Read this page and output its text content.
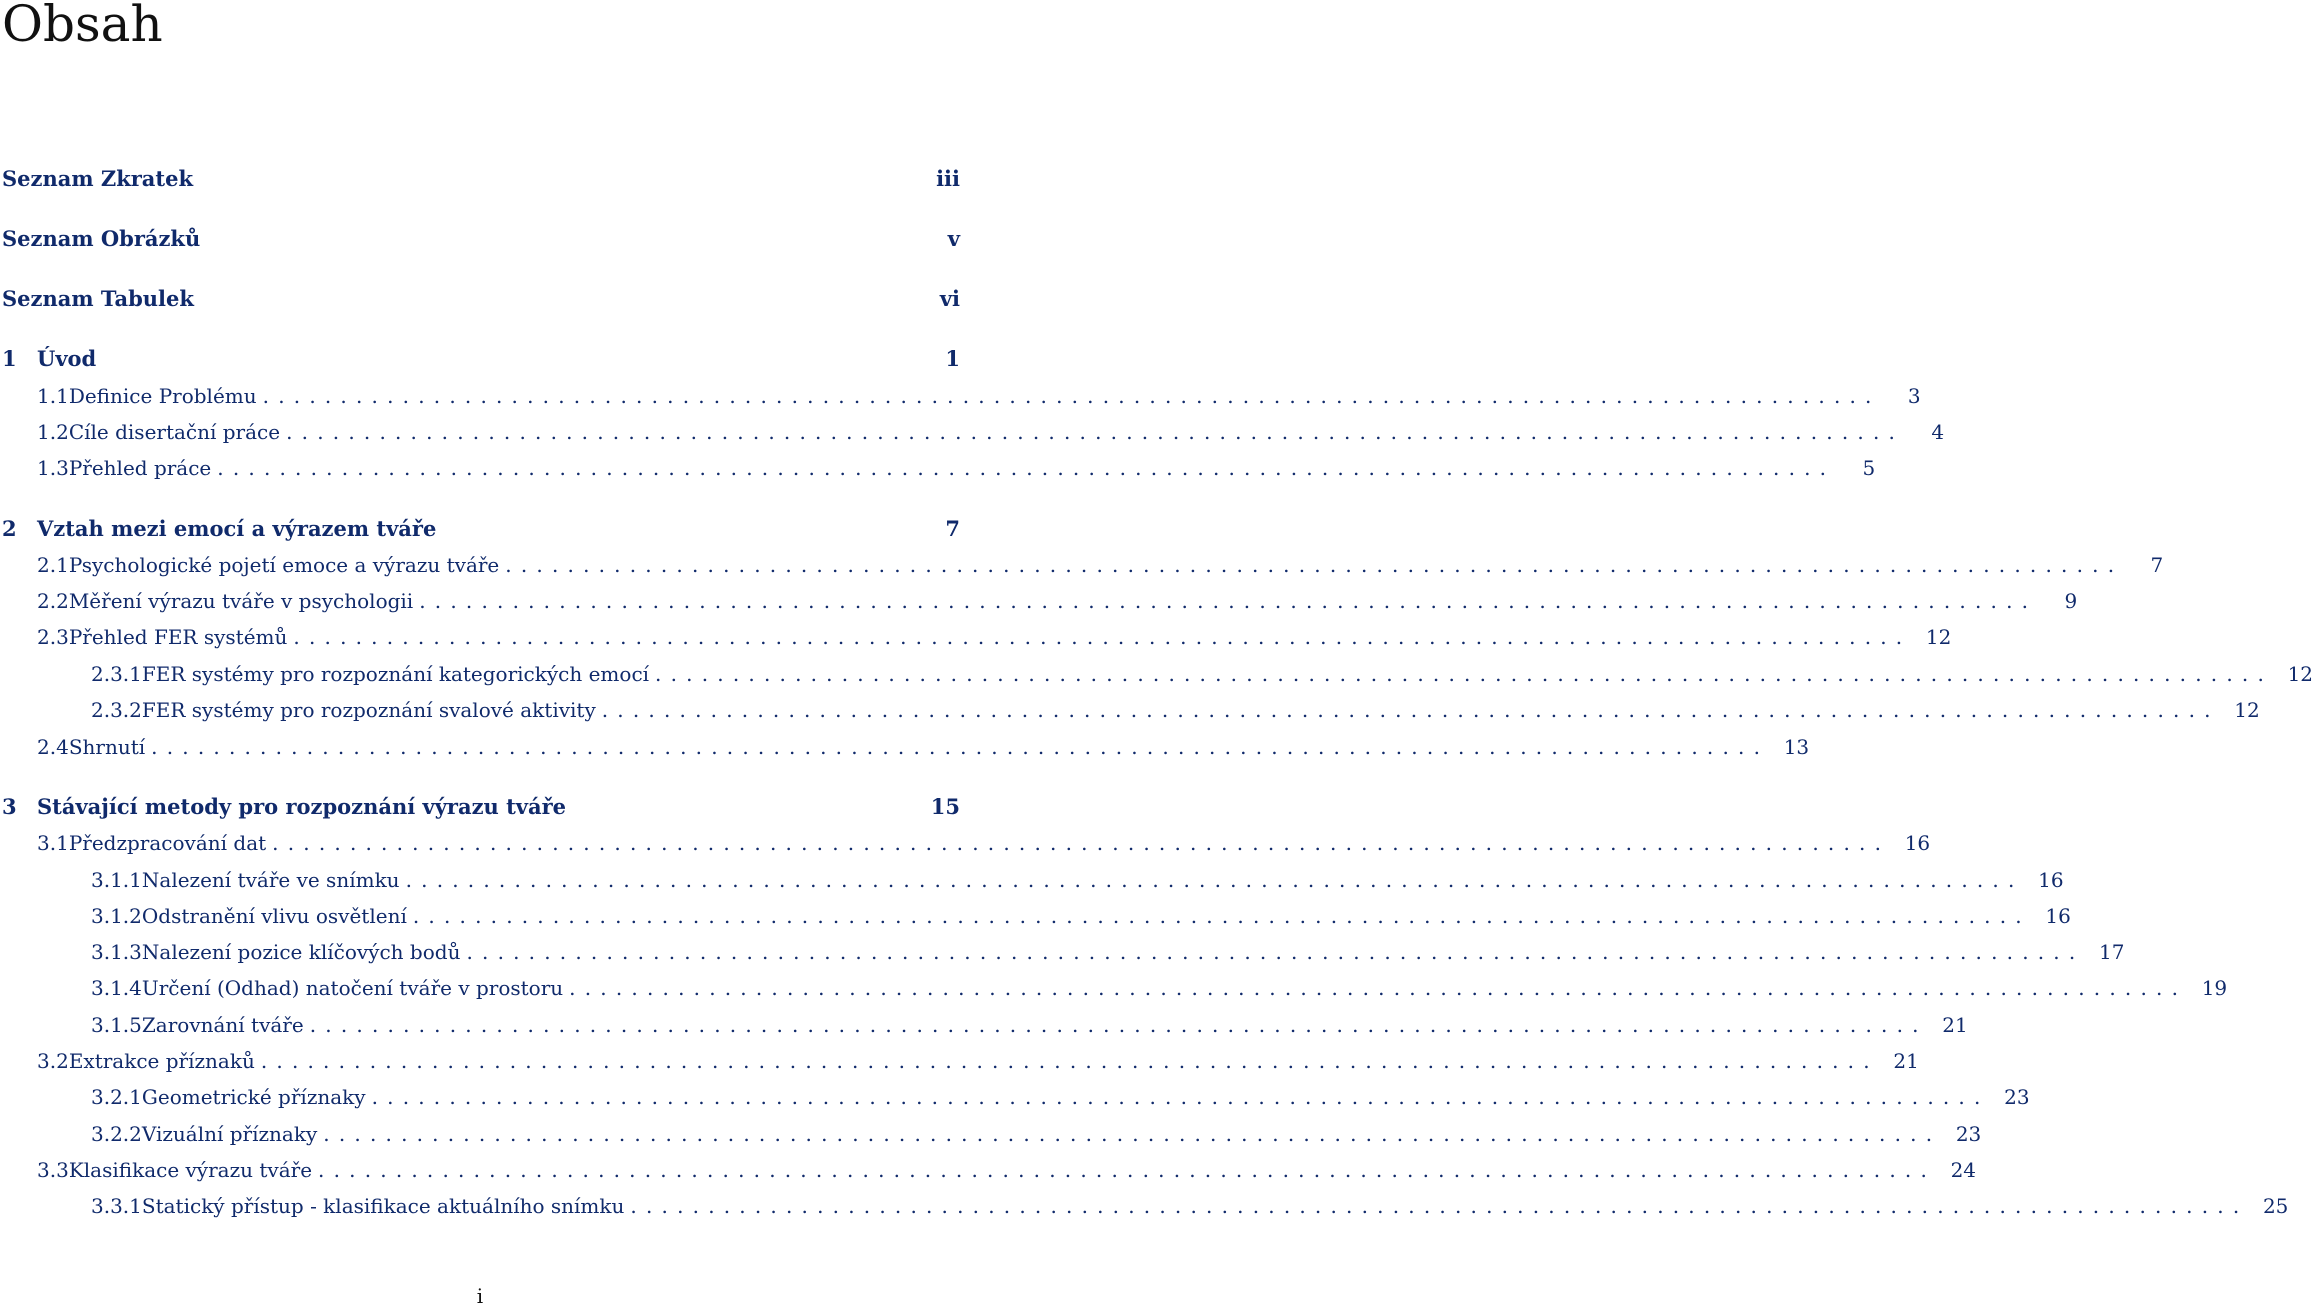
Obsah
Seznam Zkratek	iii
Seznam Obrázků	v
Seznam Tabulek	vi
1 Úvod	1
1.1 Definice Problému ........................................................................................................	3
1.2 Cíle disertační práce ........................................................................................................	4
1.3 Přehled práce ........................................................................................................	5
2 Vztah mezi emocí a výrazem tváře	7
2.1 Psychologické pojetí emoce a výrazu tváře ........................................................................................................	7
2.2 Měření výrazu tváře v psychologii ........................................................................................................	9
2.3 Přehled FER systémů ........................................................................................................ 12
2.3.1 FER systémy pro rozpoznání kategorických emocí ........................................................................................................ 12
2.3.2 FER systémy pro rozpoznání svalové aktivity ........................................................................................................ 12
2.4 Shrnutí ........................................................................................................ 13
3 Stávající metody pro rozpoznání výrazu tváře	15
3.1 Předzpracování dat ........................................................................................................ 16
3.1.1 Nalezení tváře ve snímku ........................................................................................................ 16
3.1.2 Odstranění vlivu osvětlení ........................................................................................................ 16
3.1.3 Nalezení pozice klíčových bodů ........................................................................................................ 17
3.1.4 Určení (Odhad) natočení tváře v prostoru ........................................................................................................ 19
3.1.5 Zarovnání tváře ........................................................................................................ 21
3.2 Extrakce příznaků ........................................................................................................ 21
3.2.1 Geometrické příznaky ........................................................................................................ 23
3.2.2 Vizuální příznaky ........................................................................................................ 23
3.3 Klasifikace výrazu tváře ........................................................................................................ 24
3.3.1 Statický přístup - klasifikace aktuálního snímku ........................................................................................................ 25
i
